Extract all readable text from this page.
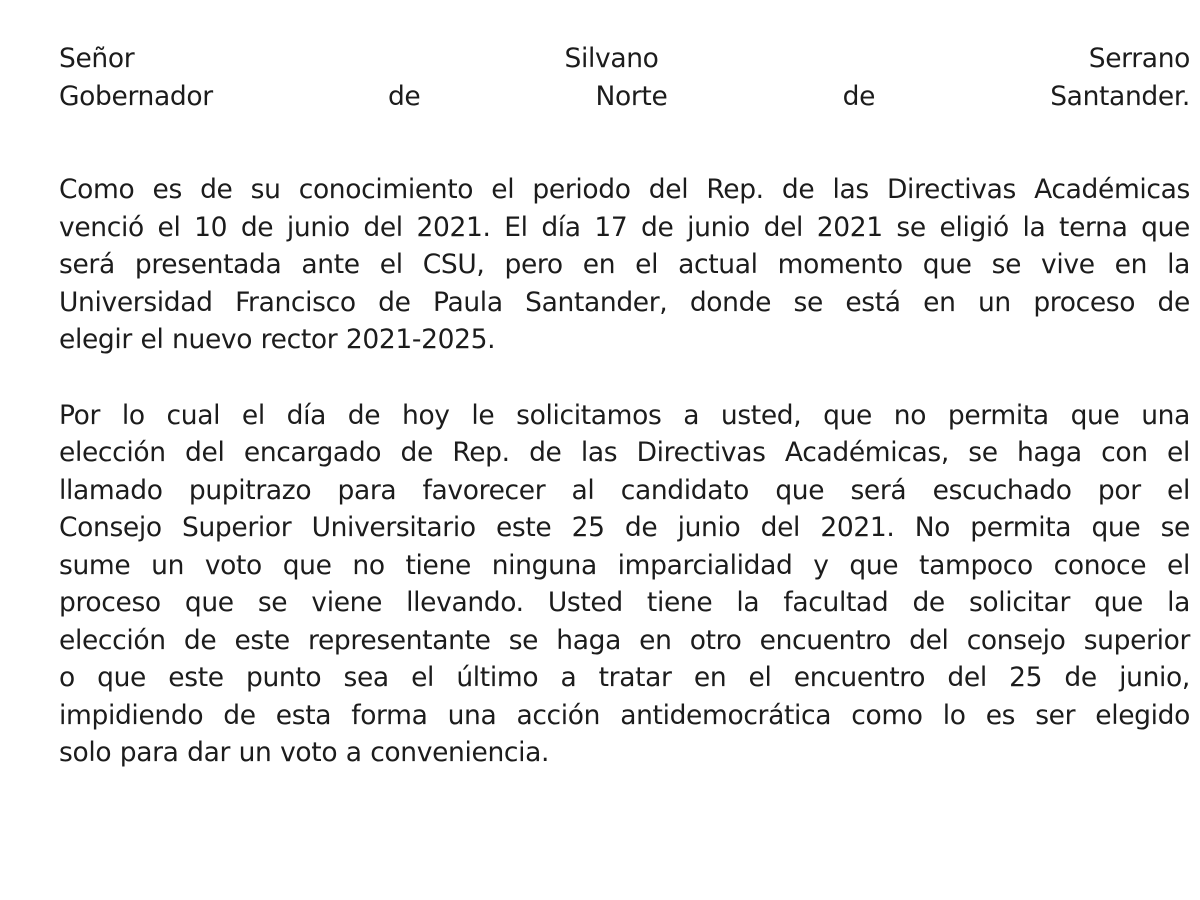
Señor Silvano Serrano
Gobernador de Norte de Santander.
Como es de su conocimiento el periodo del Rep. de las Directivas Académicas
venció el 10 de junio del 2021. El día 17 de junio del 2021 se eligió la terna que
será presentada ante el CSU, pero en el actual momento que se vive en la
Universidad Francisco de Paula Santander, donde se está en un proceso de
elegir el nuevo rector 2021-2025.
Por lo cual el día de hoy le solicitamos a usted, que no permita que una
elección del encargado de Rep. de las Directivas Académicas, se haga con el
llamado pupitrazo para favorecer al candidato que será escuchado por el
Consejo Superior Universitario este 25 de junio del 2021. No permita que se
sume un voto que no tiene ninguna imparcialidad y que tampoco conoce el
proceso que se viene llevando. Usted tiene la facultad de solicitar que la
elección de este representante se haga en otro encuentro del consejo superior
o que este punto sea el último a tratar en el encuentro del 25 de junio,
impidiendo de esta forma una acción antidemocrática como lo es ser elegido
solo para dar un voto a conveniencia.
